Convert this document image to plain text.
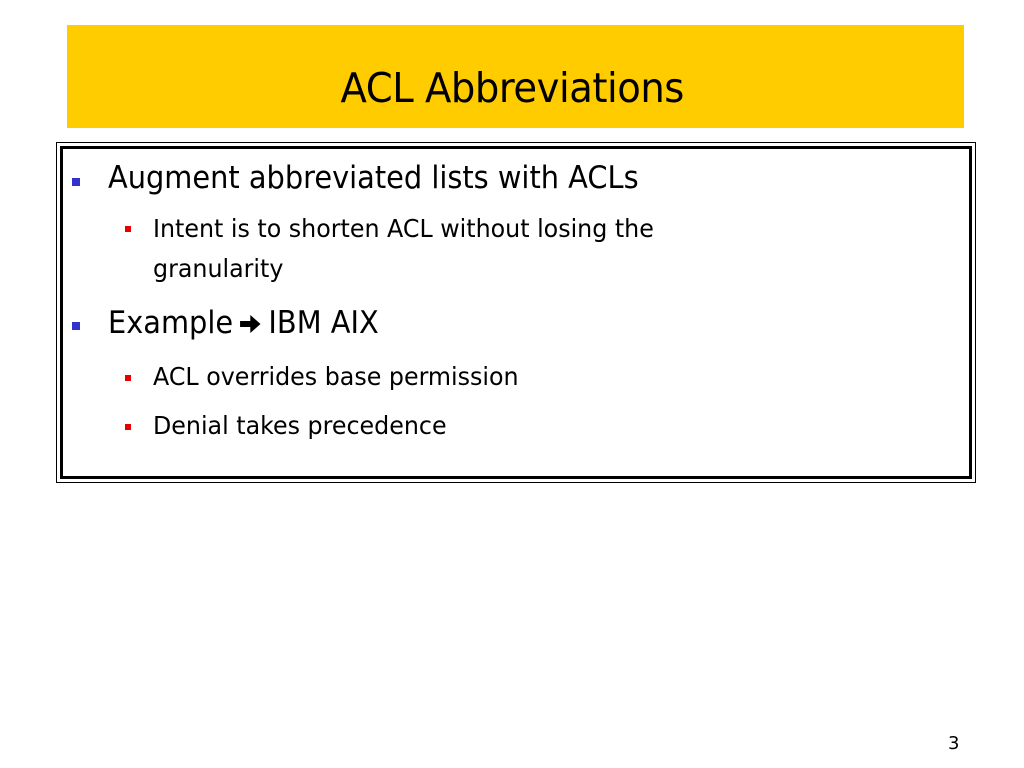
ACL Abbreviations
Augment abbreviated lists with ACLs
Intent is to shorten ACL without losing the
granularity
Example IBM AIX
ACL overrides base permission
Denial takes precedence
3
